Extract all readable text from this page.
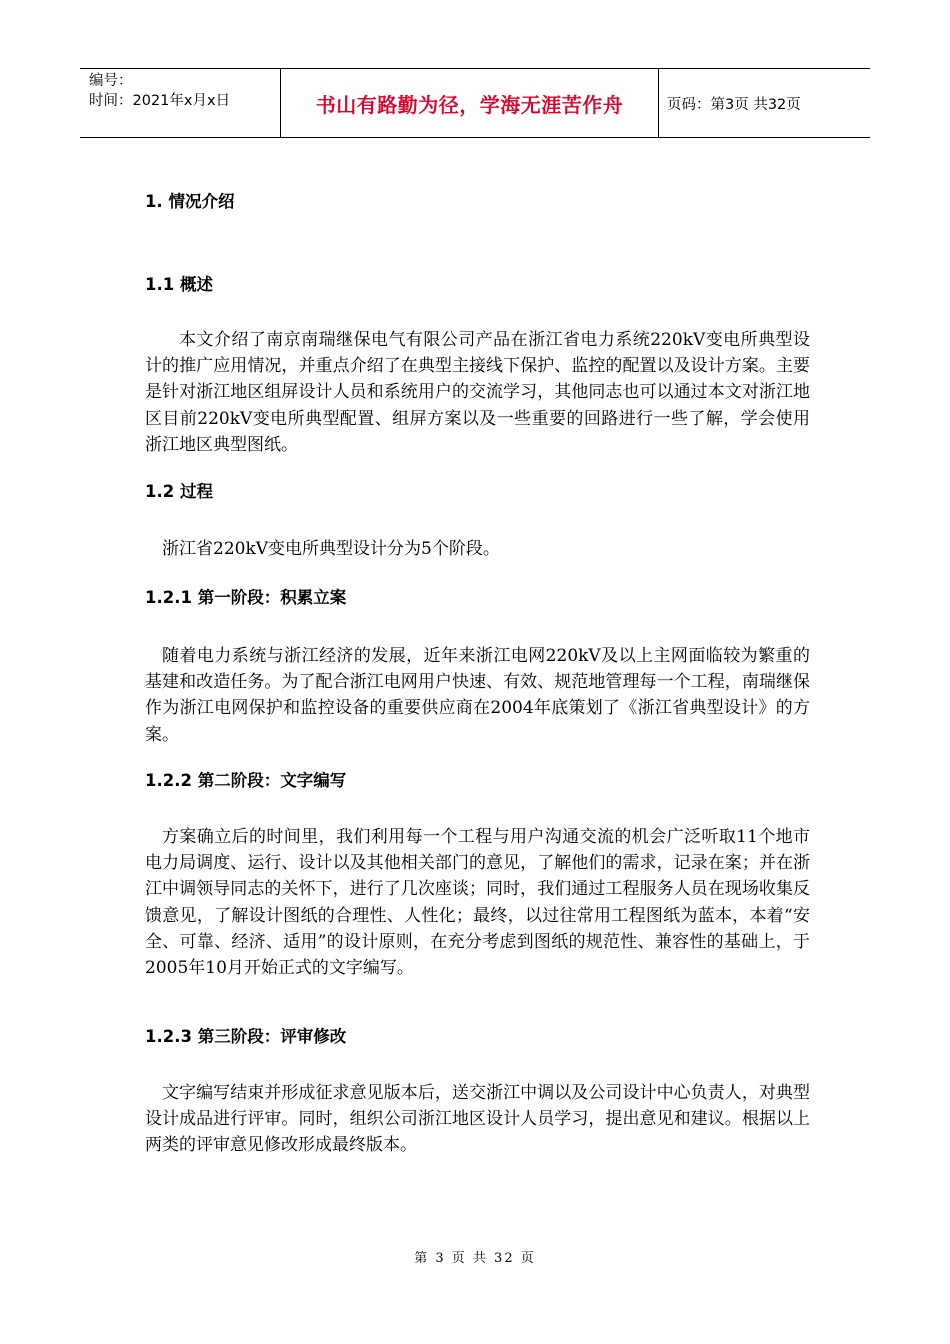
编号：
时间：2021年x月x日	书山有路勤为径，学海无涯苦作舟	页码：第3页 共32页
1. 情况介绍
1.1 概述
本文介绍了南京南瑞继保电气有限公司产品在浙江省电力系统220kV变电所典型设计的推广应用情况，并重点介绍了在典型主接线下保护、监控的配置以及设计方案。主要是针对浙江地区组屏设计人员和系统用户的交流学习，其他同志也可以通过本文对浙江地区目前220kV变电所典型配置、组屏方案以及一些重要的回路进行一些了解，学会使用浙江地区典型图纸。
1.2 过程
浙江省220kV变电所典型设计分为5个阶段。
1.2.1 第一阶段：积累立案
随着电力系统与浙江经济的发展，近年来浙江电网220kV及以上主网面临较为繁重的基建和改造任务。为了配合浙江电网用户快速、有效、规范地管理每一个工程，南瑞继保作为浙江电网保护和监控设备的重要供应商在2004年底策划了《浙江省典型设计》的方案。
1.2.2 第二阶段：文字编写
方案确立后的时间里，我们利用每一个工程与用户沟通交流的机会广泛听取11个地市电力局调度、运行、设计以及其他相关部门的意见，了解他们的需求，记录在案；并在浙江中调领导同志的关怀下，进行了几次座谈；同时，我们通过工程服务人员在现场收集反馈意见，了解设计图纸的合理性、人性化；最终，以过往常用工程图纸为蓝本，本着“安全、可靠、经济、适用”的设计原则，在充分考虑到图纸的规范性、兼容性的基础上，于2005年10月开始正式的文字编写。
1.2.3 第三阶段：评审修改
文字编写结束并形成征求意见版本后，送交浙江中调以及公司设计中心负责人，对典型设计成品进行评审。同时，组织公司浙江地区设计人员学习，提出意见和建议。根据以上两类的评审意见修改形成最终版本。
第 3 页 共 32 页
